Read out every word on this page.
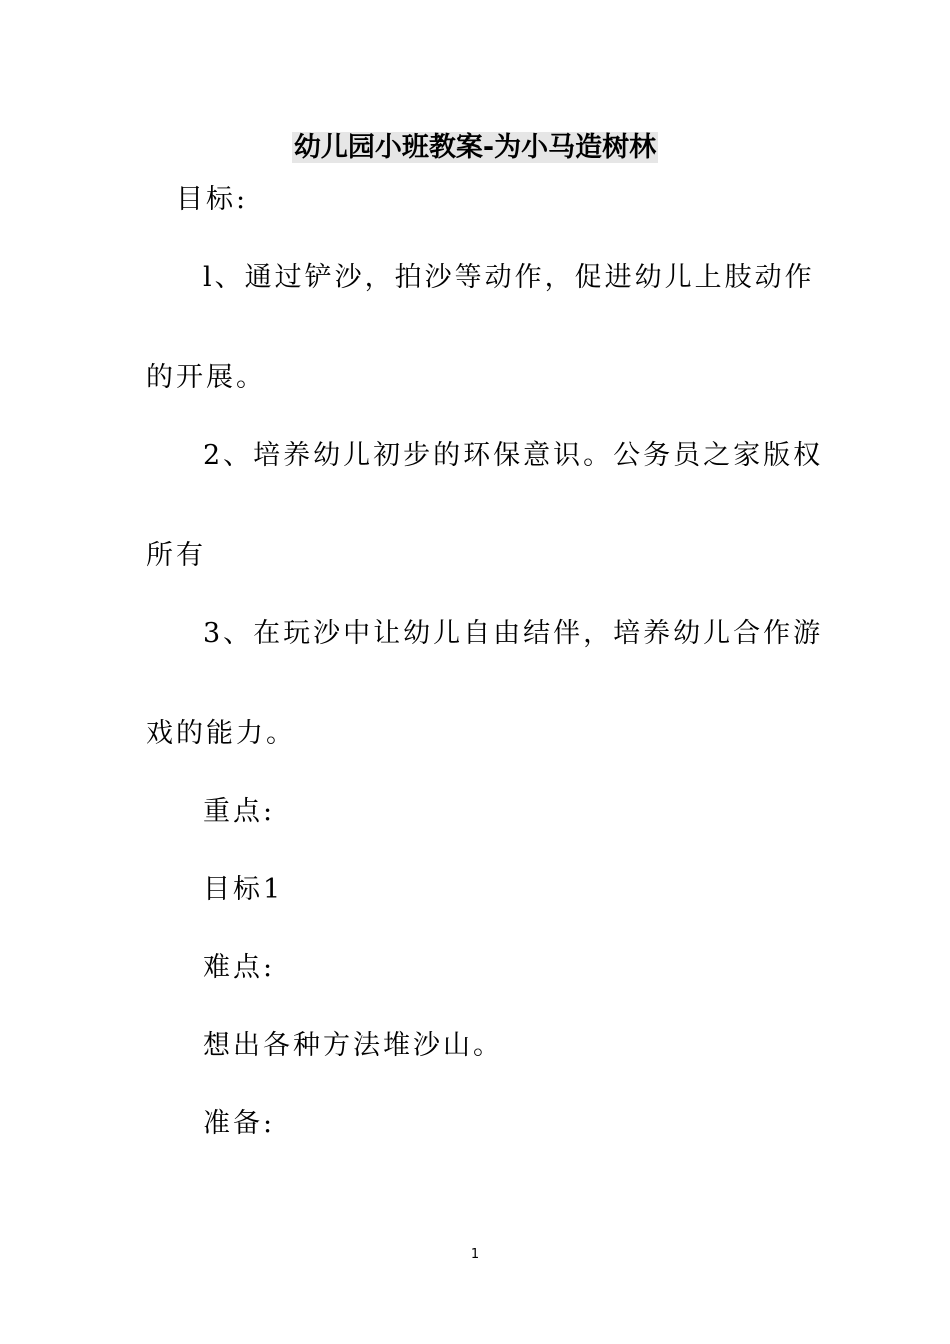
幼儿园小班教案-为小马造树林
目标:
l、通过铲沙，拍沙等动作，促进幼儿上肢动作
的开展。
2、培养幼儿初步的环保意识。公务员之家版权
所有
3、在玩沙中让幼儿自由结伴，培养幼儿合作游
戏的能力。
重点:
目标1
难点:
想出各种方法堆沙山。
准备:
1
